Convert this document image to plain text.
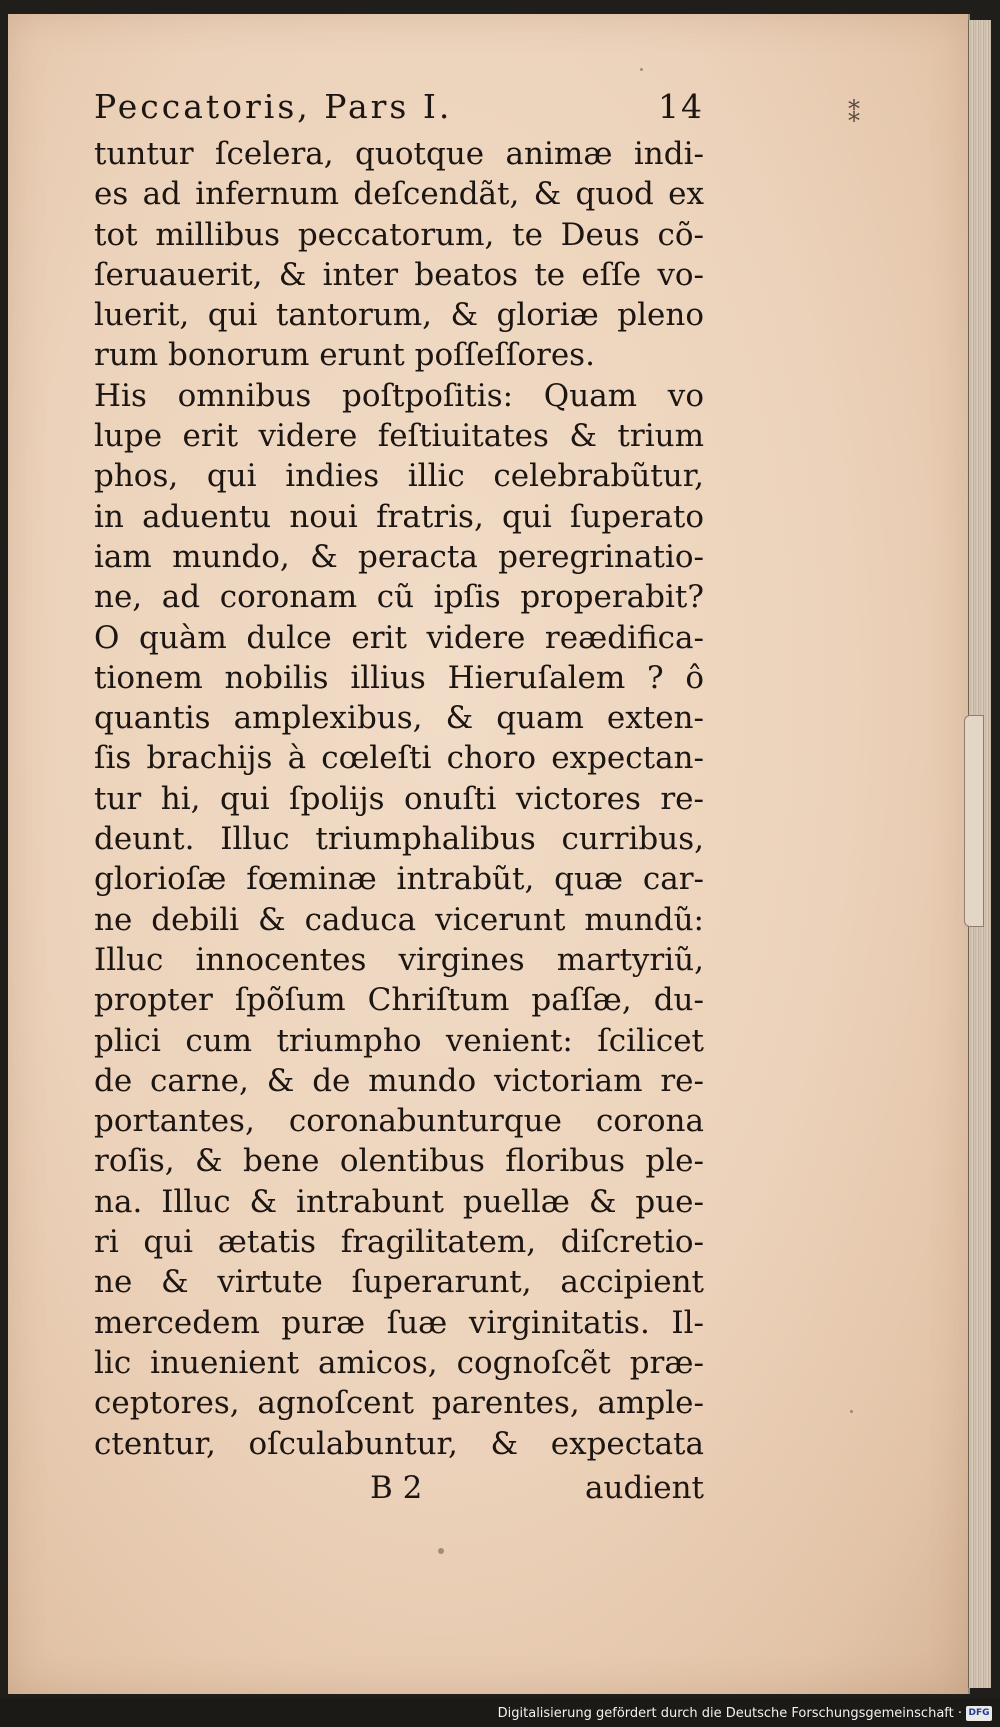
⁑
Peccatoris, Pars I.	14
tuntur ſcelera, quotque animæ indi-
es ad infernum deſcendãt, & quod ex
tot millibus peccatorum, te Deus cõ-
ſeruauerit, & inter beatos te eſſe vo-
luerit, qui tantorum, & gloriæ pleno
rum bonorum erunt poſſeſſores.
His omnibus poſtpoſitis: Quam vo
lupe erit videre feſtiuitates & trium
phos, qui indies illic celebrabũtur,
in aduentu noui fratris, qui ſuperato
iam mundo, & peracta peregrinatio-
ne, ad coronam cũ ipſis properabit?
O quàm dulce erit videre reædifica-
tionem nobilis illius Hieruſalem ? ô
quantis amplexibus, & quam exten-
ſis brachijs à cœleſti choro expectan-
tur hi, qui ſpolijs onuſti victores re-
deunt. Illuc triumphalibus curribus,
glorioſæ fœminæ intrabũt, quæ car-
ne debili & caduca vicerunt mundũ:
Illuc innocentes virgines martyriũ,
propter ſpõſum Chriſtum paſſæ, du-
plici cum triumpho venient: ſcilicet
de carne, & de mundo victoriam re-
portantes, coronabunturque corona
roſis, & bene olentibus floribus ple-
na. Illuc & intrabunt puellæ & pue-
ri qui ætatis fragilitatem, diſcretio-
ne & virtute ſuperarunt, accipient
mercedem puræ ſuæ virginitatis. Il-
lic inuenient amicos, cognoſcẽt præ-
ceptores, agnoſcent parentes, ample-
ctentur, oſculabuntur, & expectata
B 2	audient
Digitalisierung gefördert durch die Deutsche Forschungsgemeinschaft · DFG
